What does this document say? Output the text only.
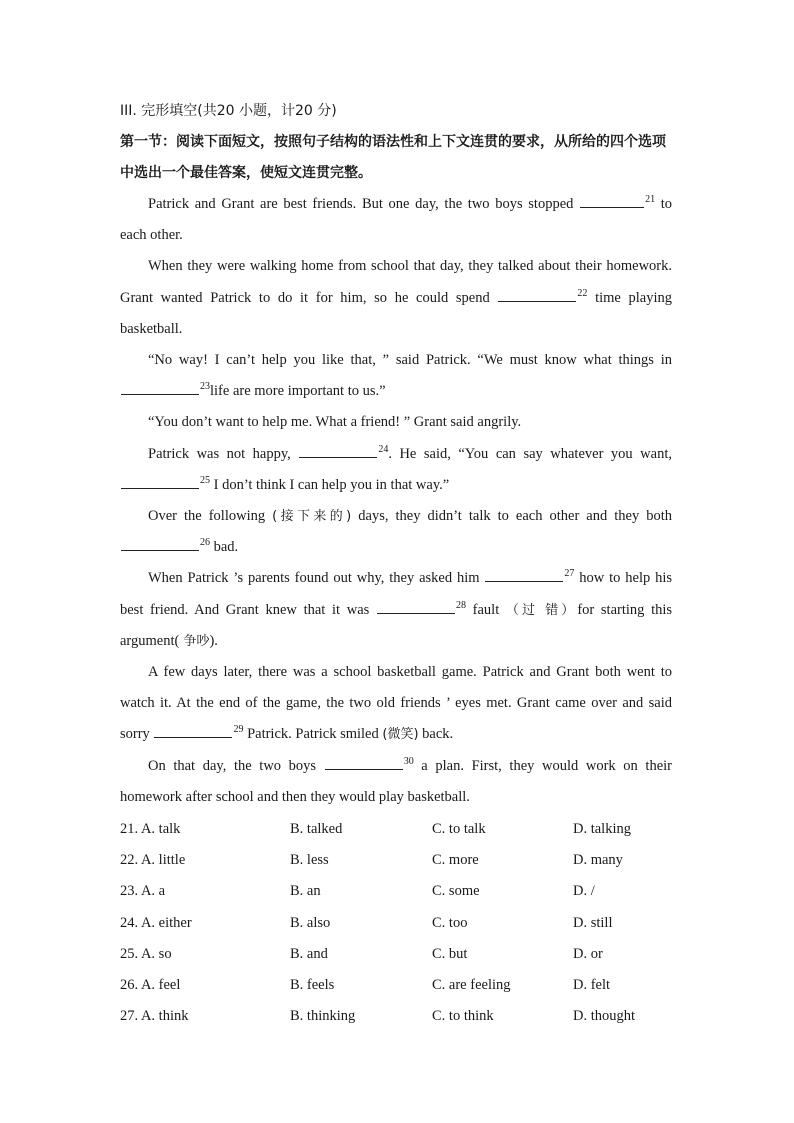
III. 完形填空(共20 小题，计20 分)
第一节：阅读下面短文，按照句子结构的语法性和上下文连贯的要求，从所给的四个选项中选出一个最佳答案，使短文连贯完整。

Patrick and Grant are best friends. But one day, the two boys stopped	$^{21}$ to each other.

When they were walking home from school that day, they talked about their homework. Grant wanted Patrick to do it for him, so he could spend	$^{22}$ time playing basketball.

“No way! I can’t help you like that, ” said Patrick. “We must know what things in $^{23}$life are more important to us.”

“You don’t want to help me. What a friend! ” Grant said angrily.

Patrick was not happy,	$^{24}$. He said, “You can say whatever you want, $^{25}$ I don’t think I can help you in that way.”

Over the following (接下来的) days, they didn’t talk to each other and they both $^{26}$ bad.

When Patrick ’s parents found out why, they asked him	$^{27}$ how to help his best friend. And Grant knew that it was	$^{28}$ fault （过 错）for starting this argument( 争吵).

A few days later, there was a school basketball game. Patrick and Grant both went to watch it. At the end of the game, the two old friends ’ eyes met. Grant came over and said sorry	$^{29}$ Patrick. Patrick smiled (微笑) back.

On that day, the two boys	$^{30}$ a plan. First, they would work on their homework after school and then they would play basketball.

21. A. talk	B. talked	C. to talk	D. talking
22. A. little	B. less	C. more	D. many
23. A. a	B. an	C. some	D. /
24. A. either	B. also	C. too	D. still
25. A. so	B. and	C. but	D. or
26. A. feel	B. feels	C. are feeling	D. felt
27. A. think	B. thinking	C. to think	D. thought
